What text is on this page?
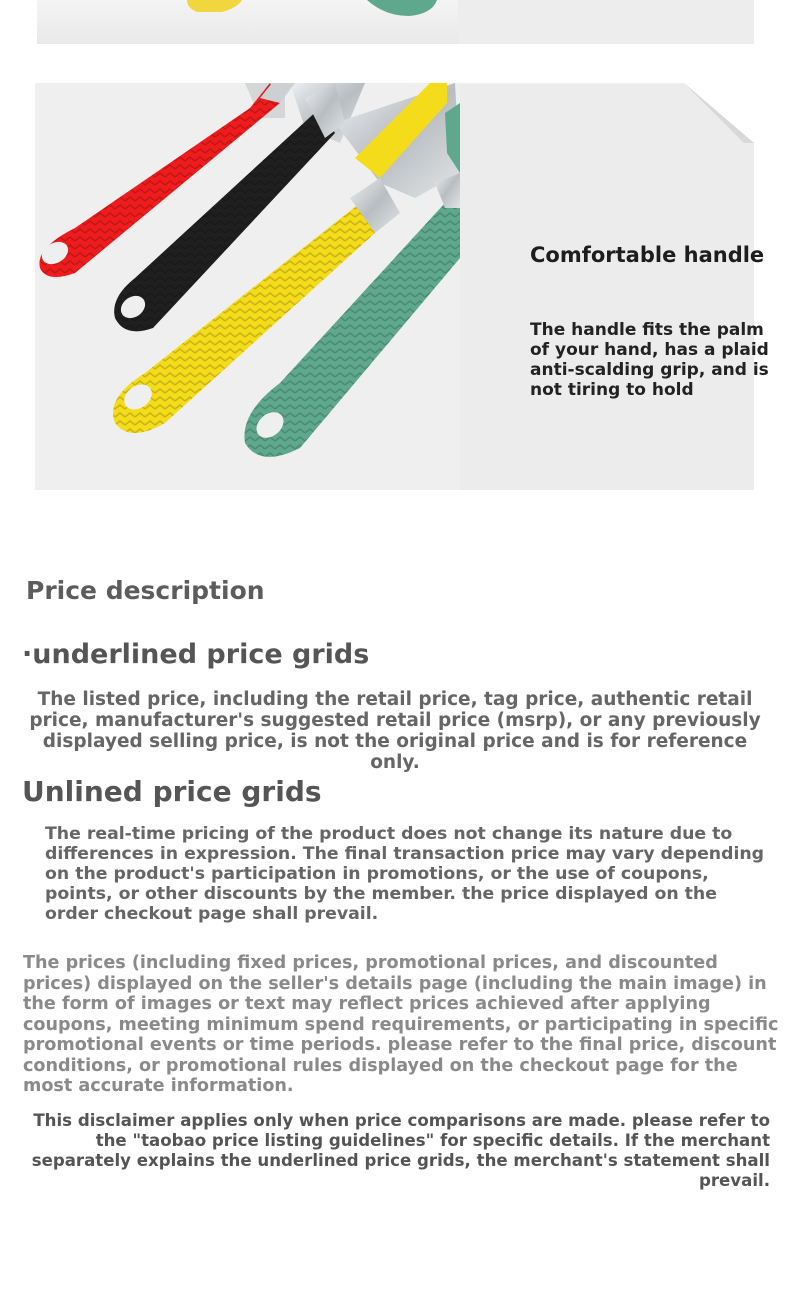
Comfortable handle
The handle fits the palm of your hand, has a plaid anti-scalding grip, and is not tiring to hold
Price description
·underlined price grids
The listed price, including the retail price, tag price, authentic retail price, manufacturer's suggested retail price (msrp), or any previously displayed selling price, is not the original price and is for reference only.
Unlined price grids
The real-time pricing of the product does not change its nature due to differences in expression. The final transaction price may vary depending on the product's participation in promotions, or the use of coupons, points, or other discounts by the member. the price displayed on the order checkout page shall prevail.
The prices (including fixed prices, promotional prices, and discounted prices) displayed on the seller's details page (including the main image) in the form of images or text may reflect prices achieved after applying coupons, meeting minimum spend requirements, or participating in specific promotional events or time periods. please refer to the final price, discount conditions, or promotional rules displayed on the checkout page for the most accurate information.
This disclaimer applies only when price comparisons are made. please refer to the "taobao price listing guidelines" for specific details. If the merchant separately explains the underlined price grids, the merchant's statement shall prevail.
